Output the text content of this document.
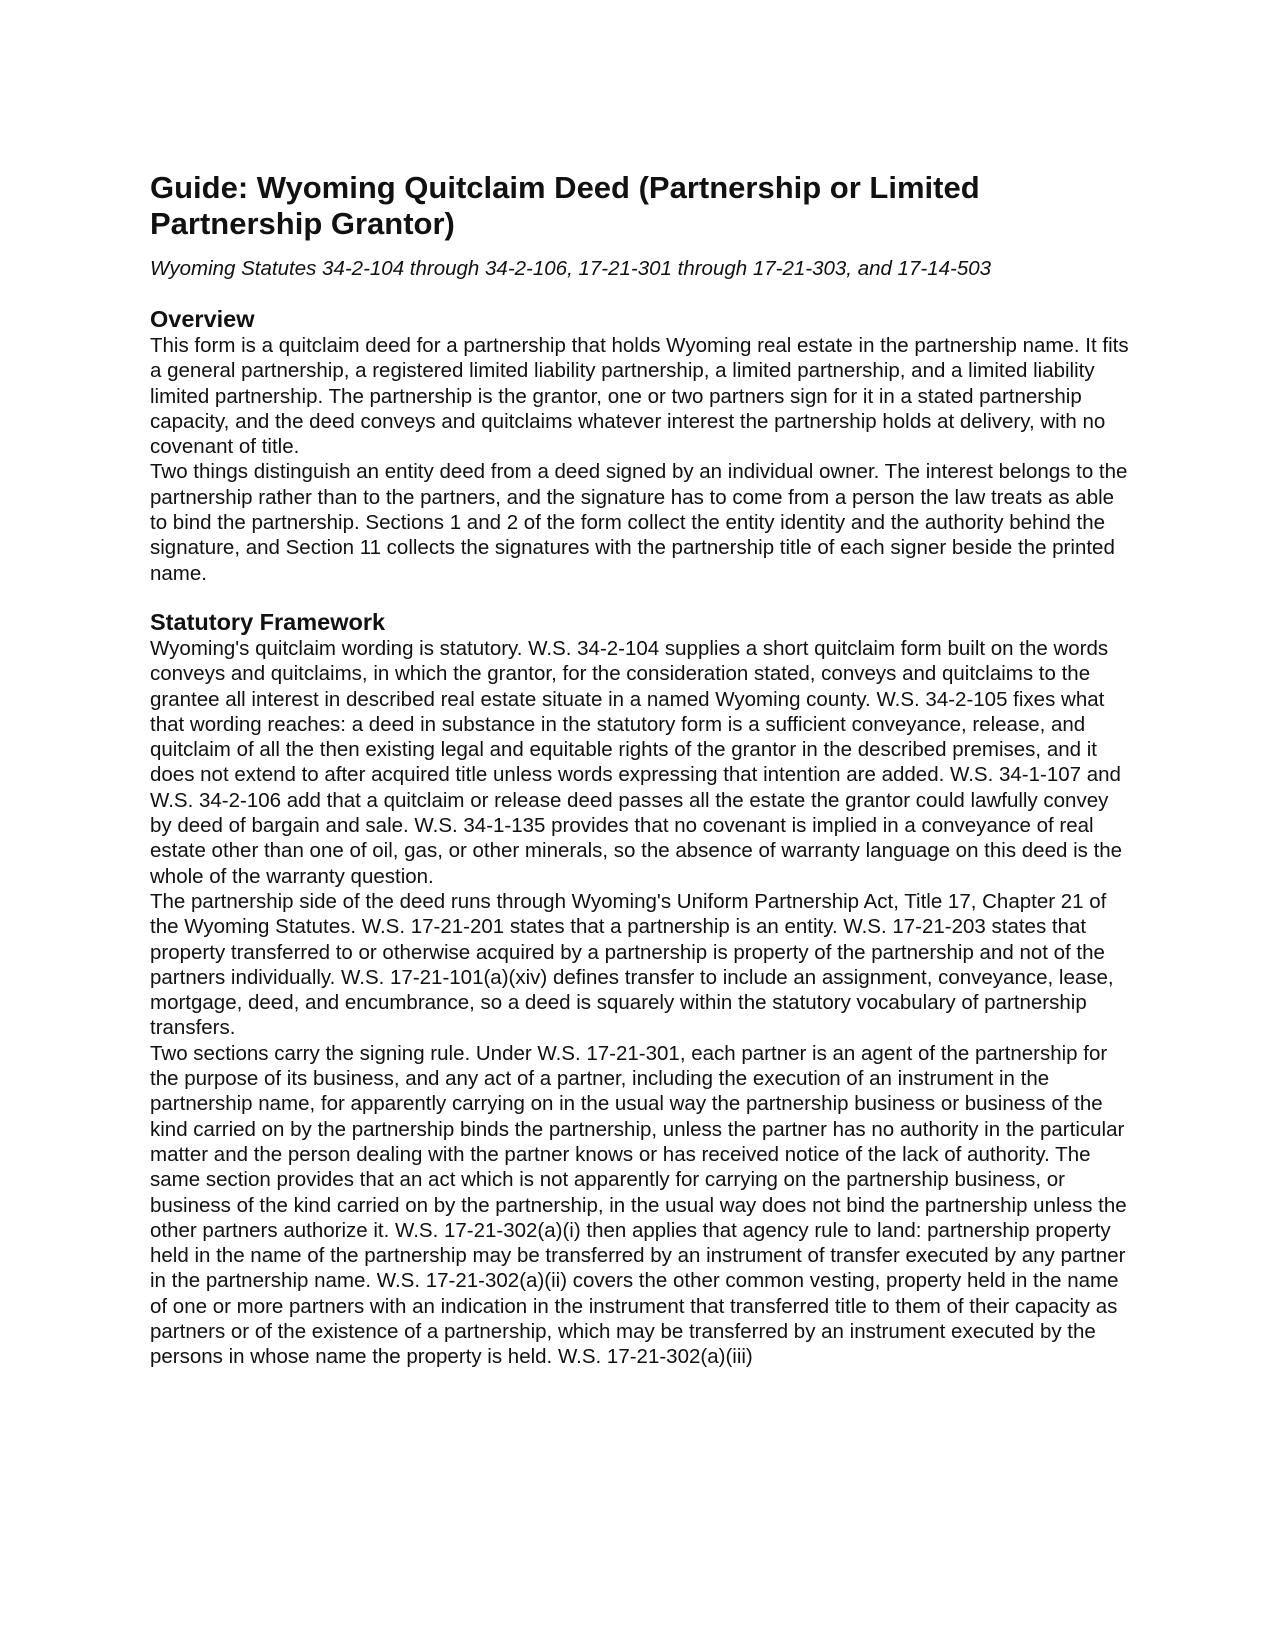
Guide: Wyoming Quitclaim Deed (Partnership or Limited Partnership Grantor)

Wyoming Statutes 34-2-104 through 34-2-106, 17-21-301 through 17-21-303, and 17-14-503

Overview

This form is a quitclaim deed for a partnership that holds Wyoming real estate in the partnership name. It fits a general partnership, a registered limited liability partnership, a limited partnership, and a limited liability limited partnership. The partnership is the grantor, one or two partners sign for it in a stated partnership capacity, and the deed conveys and quitclaims whatever interest the partnership holds at delivery, with no covenant of title.

Two things distinguish an entity deed from a deed signed by an individual owner. The interest belongs to the partnership rather than to the partners, and the signature has to come from a person the law treats as able to bind the partnership. Sections 1 and 2 of the form collect the entity identity and the authority behind the signature, and Section 11 collects the signatures with the partnership title of each signer beside the printed name.

Statutory Framework

Wyoming's quitclaim wording is statutory. W.S. 34-2-104 supplies a short quitclaim form built on the words conveys and quitclaims, in which the grantor, for the consideration stated, conveys and quitclaims to the grantee all interest in described real estate situate in a named Wyoming county. W.S. 34-2-105 fixes what that wording reaches: a deed in substance in the statutory form is a sufficient conveyance, release, and quitclaim of all the then existing legal and equitable rights of the grantor in the described premises, and it does not extend to after acquired title unless words expressing that intention are added. W.S. 34-1-107 and W.S. 34-2-106 add that a quitclaim or release deed passes all the estate the grantor could lawfully convey by deed of bargain and sale. W.S. 34-1-135 provides that no covenant is implied in a conveyance of real estate other than one of oil, gas, or other minerals, so the absence of warranty language on this deed is the whole of the warranty question.

The partnership side of the deed runs through Wyoming's Uniform Partnership Act, Title 17, Chapter 21 of the Wyoming Statutes. W.S. 17-21-201 states that a partnership is an entity. W.S. 17-21-203 states that property transferred to or otherwise acquired by a partnership is property of the partnership and not of the partners individually. W.S. 17-21-101(a)(xiv) defines transfer to include an assignment, conveyance, lease, mortgage, deed, and encumbrance, so a deed is squarely within the statutory vocabulary of partnership transfers.

Two sections carry the signing rule. Under W.S. 17-21-301, each partner is an agent of the partnership for the purpose of its business, and any act of a partner, including the execution of an instrument in the partnership name, for apparently carrying on in the usual way the partnership business or business of the kind carried on by the partnership binds the partnership, unless the partner has no authority in the particular matter and the person dealing with the partner knows or has received notice of the lack of authority. The same section provides that an act which is not apparently for carrying on the partnership business, or business of the kind carried on by the partnership, in the usual way does not bind the partnership unless the other partners authorize it. W.S. 17-21-302(a)(i) then applies that agency rule to land: partnership property held in the name of the partnership may be transferred by an instrument of transfer executed by any partner in the partnership name. W.S. 17-21-302(a)(ii) covers the other common vesting, property held in the name of one or more partners with an indication in the instrument that transferred title to them of their capacity as partners or of the existence of a partnership, which may be transferred by an instrument executed by the persons in whose name the property is held. W.S. 17-21-302(a)(iii)
